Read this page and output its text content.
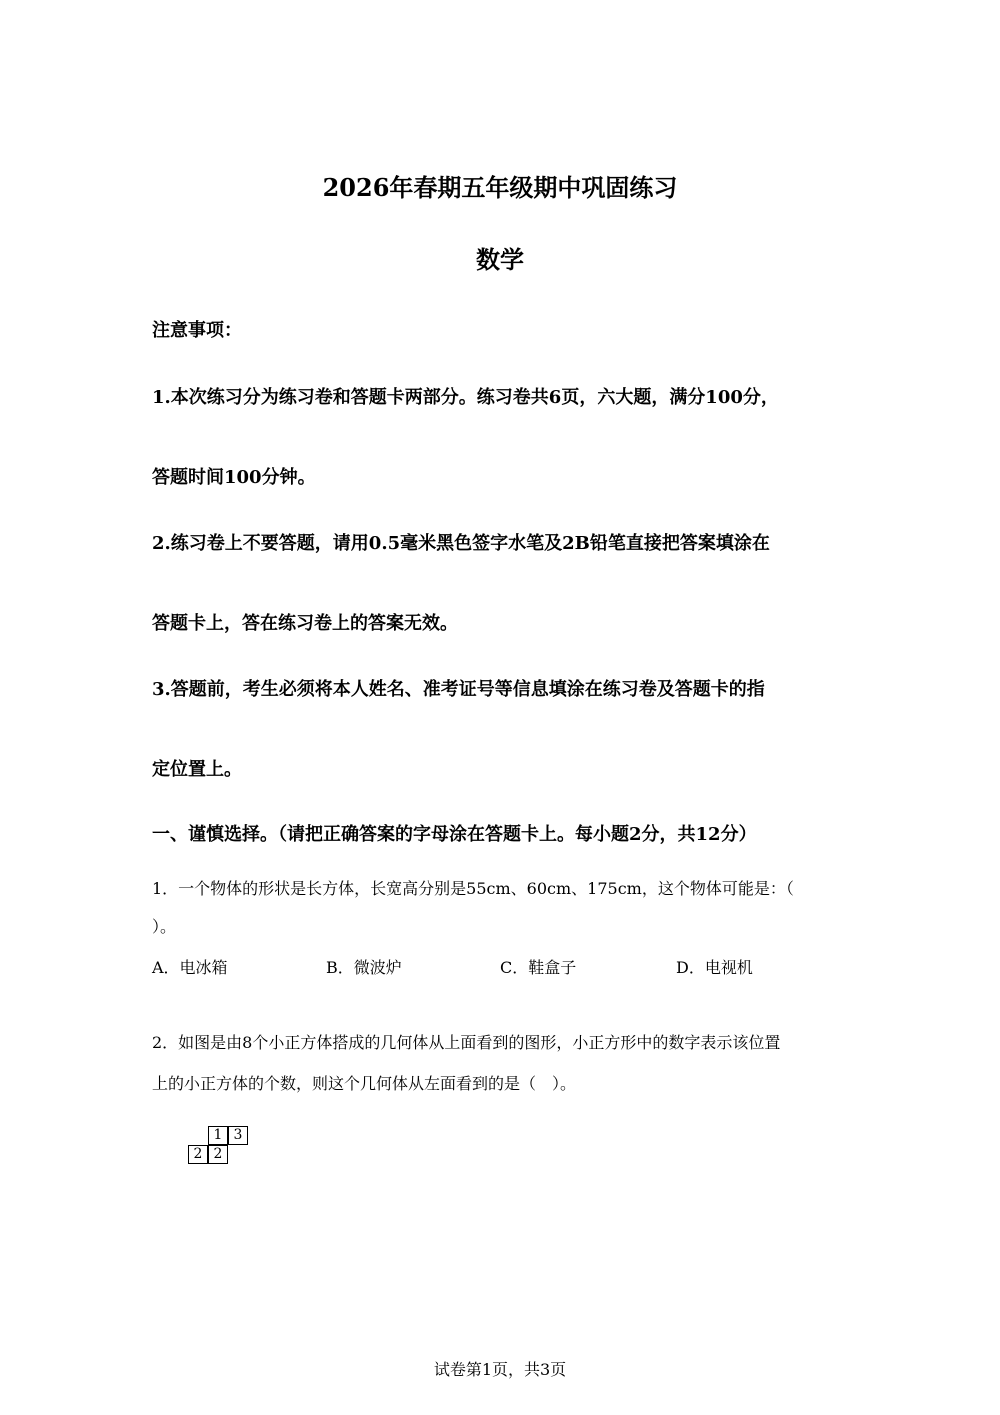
2026年春期五年级期中巩固练习
数学
注意事项：
1.本次练习分为练习卷和答题卡两部分。练习卷共6页，六大题，满分100分，
答题时间100分钟。
2.练习卷上不要答题，请用0.5毫米黑色签字水笔及2B铅笔直接把答案填涂在
答题卡上，答在练习卷上的答案无效。
3.答题前，考生必须将本人姓名、准考证号等信息填涂在练习卷及答题卡的指
定位置上。
一、谨慎选择。（请把正确答案的字母涂在答题卡上。每小题2分，共12分）
1．一个物体的形状是长方体，长宽高分别是55cm、60cm、175cm，这个物体可能是：（
）。
A．电冰箱	B．微波炉	C．鞋盒子	D．电视机
2．如图是由8个小正方体搭成的几何体从上面看到的图形，小正方形中的数字表示该位置
上的小正方体的个数，则这个几何体从左面看到的是（　）。
1 3
2 2
试卷第1页，共3页
